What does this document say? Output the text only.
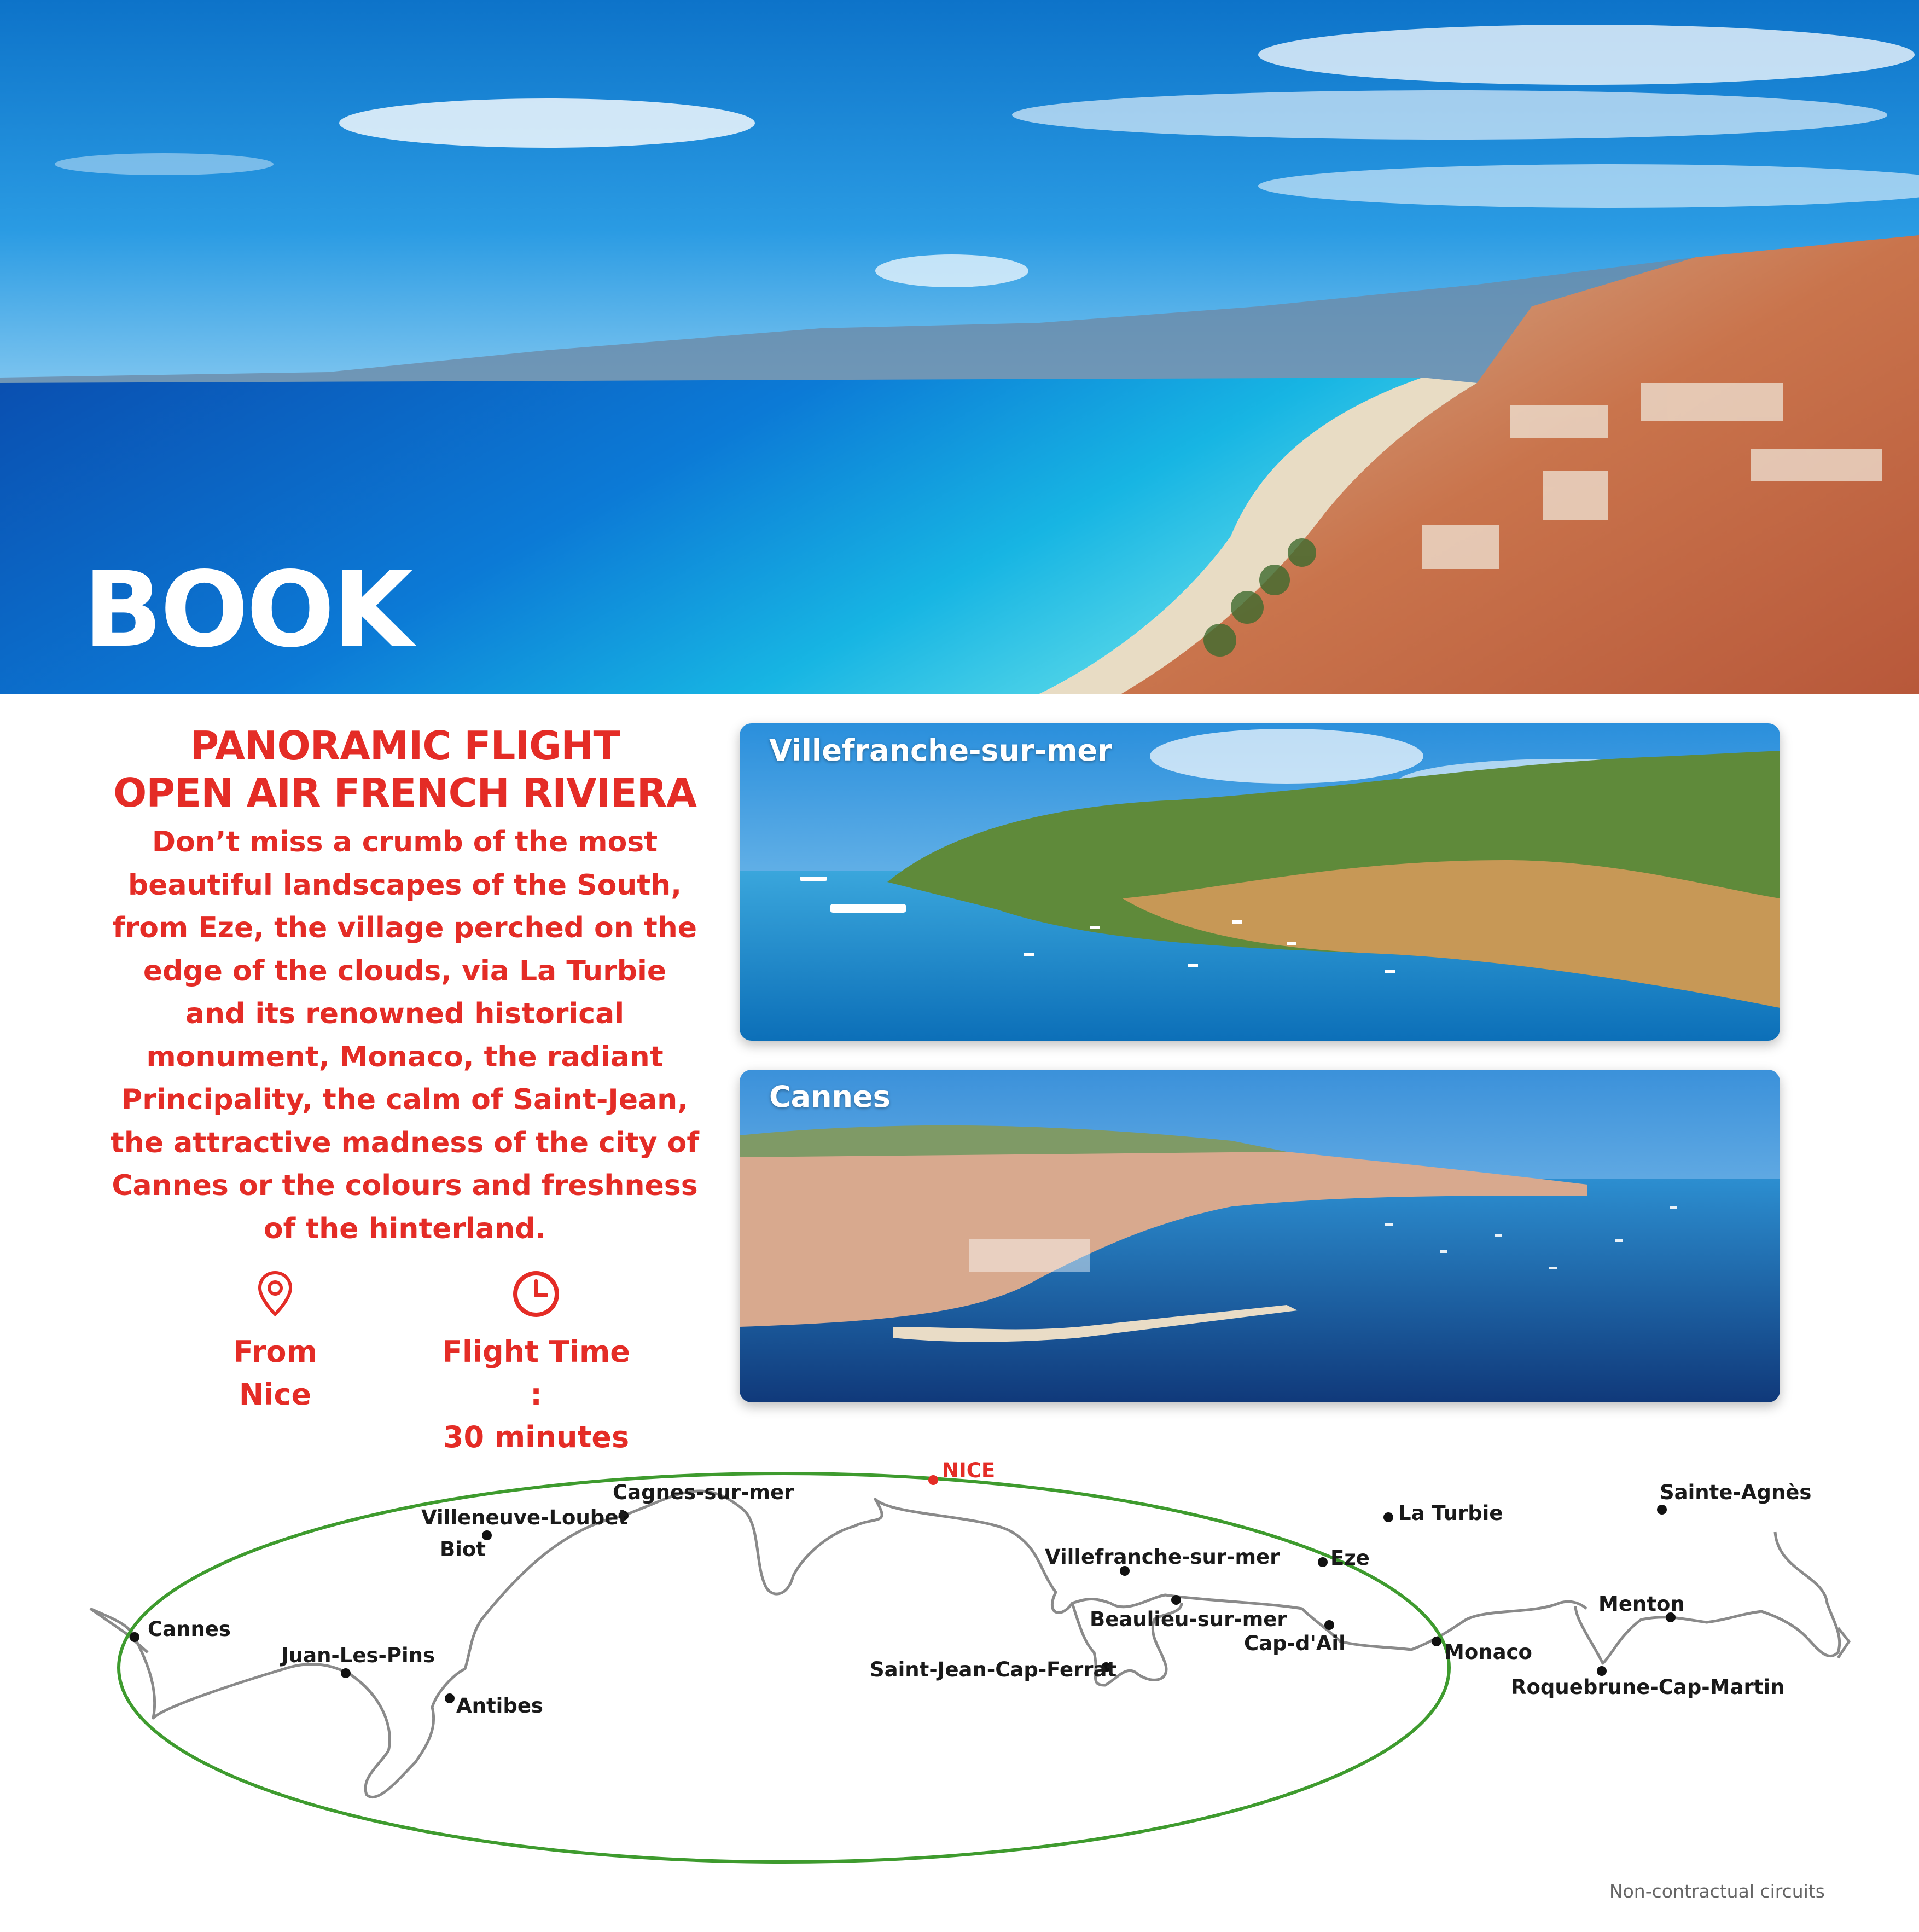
BOOK
PANORAMIC FLIGHT
OPEN AIR FRENCH RIVIERA

Don’t miss a crumb of the most beautiful landscapes of the South, from Eze, the village perched on the edge of the clouds, via La Turbie and its renowned historical monument, Monaco, the radiant Principality, the calm of Saint-Jean, the attractive madness of the city of Cannes or the colours and freshness of the hinterland.

From
Nice
Flight Time :
30 minutes
Villefranche-sur-mer
Cannes
NICE
Cagnes-sur-mer
Villeneuve-Loubet
Biot
Cannes
Juan-Les-Pins
Antibes
Villefranche-sur-mer
Beaulieu-sur-mer
Saint-Jean-Cap-Ferrat
Cap-d'Ail
Eze
La Turbie
Monaco
Sainte-Agnès
Menton
Roquebrune-Cap-Martin
Non-contractual circuits
